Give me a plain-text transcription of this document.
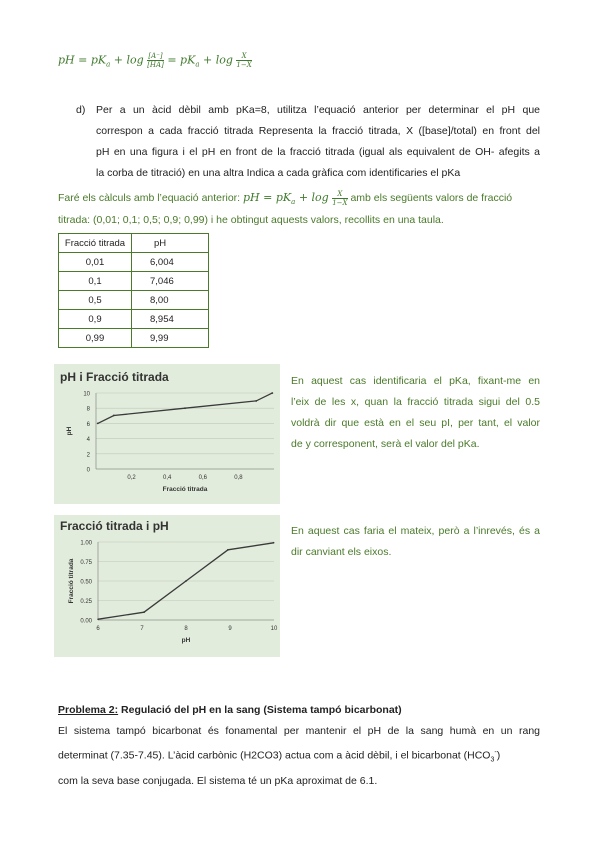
pH = $pK_a + \log \frac{[A^-]}{[HA]} = pK_a + \log \frac{X}{1-X}$
d) Per a un àcid dèbil amb pKa=8, utilitza l’equació anterior per determinar el pH que
correspon a cada fracció titrada Representa la fracció titrada, X ([base]/total) en front del
pH en una figura i el pH en front de la fracció titrada (igual als equivalent de OH- afegits a
la corba de titració) en una altra Indica a cada gràfica com identificaries el pKa
Faré els càlculs amb l’equació anterior: pH = $pK_a + \log \frac{X}{1-X}$ amb els següents valors de fracció
titrada: (0,01; 0,1; 0,5; 0,9; 0,99) i he obtingut aquests valors, recollits en una taula.
Fracció titrada	pH
0,01	6,004
0,1	7,046
0,5	8,00
0,9	8,954
0,99	9,99
pH i Fracció titrada
0
2
4
6
8
10
0,2	0,4	0,6	0,8
Fracció titrada
pH
Fracció titrada i pH
0.00
0.25
0.50
0.75
1.00
6	7	8	9	10
pH
Fracció titrada
En aquest cas identificaria el pKa, fixant-me en
l’eix de les x, quan la fracció titrada sigui del 0.5
voldrà dir que està en el seu pI, per tant, el valor
de y corresponent, serà el valor del pKa.
En aquest cas faria el mateix, però a l’inrevés, és a
dir canviant els eixos.
Problema 2: Regulació del pH en la sang (Sistema tampó bicarbonat)
El sistema tampó bicarbonat és fonamental per mantenir el pH de la sang humà en un rang
determinat (7.35-7.45). L’àcid carbònic (H2CO3) actua com a àcid dèbil, i el bicarbonat $(HCO_3^-)$
com la seva base conjugada. El sistema té un pKa aproximat de 6.1.
